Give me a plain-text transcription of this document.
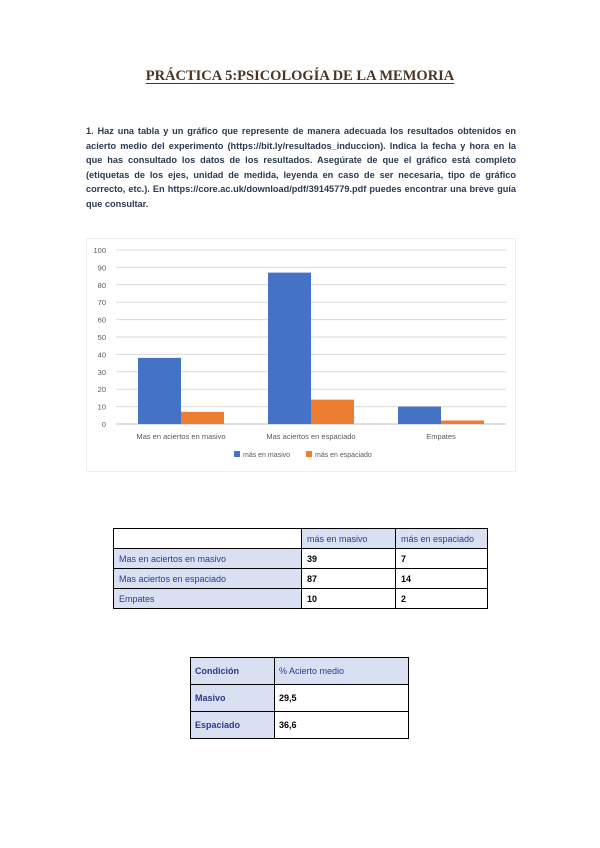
PRÁCTICA 5:PSICOLOGÍA DE LA MEMORIA

1. Haz una tabla y un gráfico que represente de manera adecuada los resultados obtenidos en acierto medio del experimento (https://bit.ly/resultados_induccion). Indica la fecha y hora en la que has consultado los datos de los resultados. Asegúrate de que el gráfico está completo (etiquetas de los ejes, unidad de medida, leyenda en caso de ser necesaria, tipo de gráfico correcto, etc.). En https://core.ac.uk/download/pdf/39145779.pdf puedes encontrar una breve guía que consultar.

0
10
20
30
40
50
60
70
80
90
100
Mas en aciertos en masivo	Mas aciertos en espaciado	Empates
más en masivo	más en espaciado
	más en masivo	más en espaciado
Mas en aciertos en masivo	39	7
Mas aciertos en espaciado	87	14
Empates	10	2
Condición	% Acierto medio
Masivo	29,5
Espaciado	36,6
